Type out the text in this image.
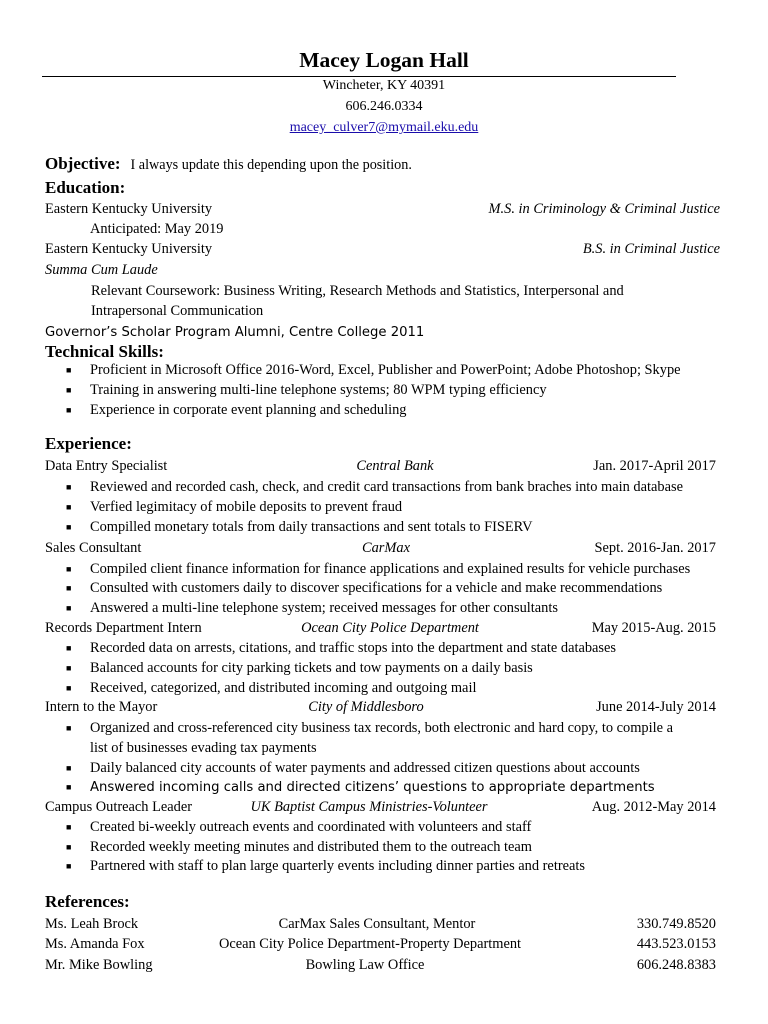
Macey Logan Hall
Wincheter, KY 40391
606.246.0334
macey_culver7@mymail.eku.edu
Objective: I always update this depending upon the position.
Education:
Eastern Kentucky University	M.S. in Criminology & Criminal Justice
Anticipated: May 2019
Eastern Kentucky University	B.S. in Criminal Justice
Summa Cum Laude
Relevant Coursework: Business Writing, Research Methods and Statistics, Interpersonal and
Intrapersonal Communication
Governor’s Scholar Program Alumni, Centre College 2011
Technical Skills:
■ Proficient in Microsoft Office 2016-Word, Excel, Publisher and PowerPoint; Adobe Photoshop; Skype
■ Training in answering multi-line telephone systems; 80 WPM typing efficiency
■ Experience in corporate event planning and scheduling
Experience:
Data Entry Specialist	Central Bank	Jan. 2017-April 2017
■ Reviewed and recorded cash, check, and credit card transactions from bank braches into main database
■ Verfied legimitacy of mobile deposits to prevent fraud
■ Compilled monetary totals from daily transactions and sent totals to FISERV
Sales Consultant	CarMax	Sept. 2016-Jan. 2017
■ Compiled client finance information for finance applications and explained results for vehicle purchases
■ Consulted with customers daily to discover specifications for a vehicle and make recommendations
■ Answered a multi-line telephone system; received messages for other consultants
Records Department Intern	Ocean City Police Department	May 2015-Aug. 2015
■ Recorded data on arrests, citations, and traffic stops into the department and state databases
■ Balanced accounts for city parking tickets and tow payments on a daily basis
■ Received, categorized, and distributed incoming and outgoing mail
Intern to the Mayor	City of Middlesboro	June 2014-July 2014
■ Organized and cross-referenced city business tax records, both electronic and hard copy, to compile a
list of businesses evading tax payments
■ Daily balanced city accounts of water payments and addressed citizen questions about accounts
■ Answered incoming calls and directed citizens’ questions to appropriate departments
Campus Outreach Leader	UK Baptist Campus Ministries-Volunteer	Aug. 2012-May 2014
■ Created bi-weekly outreach events and coordinated with volunteers and staff
■ Recorded weekly meeting minutes and distributed them to the outreach team
■ Partnered with staff to plan large quarterly events including dinner parties and retreats
References:
Ms. Leah Brock	CarMax Sales Consultant, Mentor	330.749.8520
Ms. Amanda Fox	Ocean City Police Department-Property Department	443.523.0153
Mr. Mike Bowling	Bowling Law Office	606.248.8383
